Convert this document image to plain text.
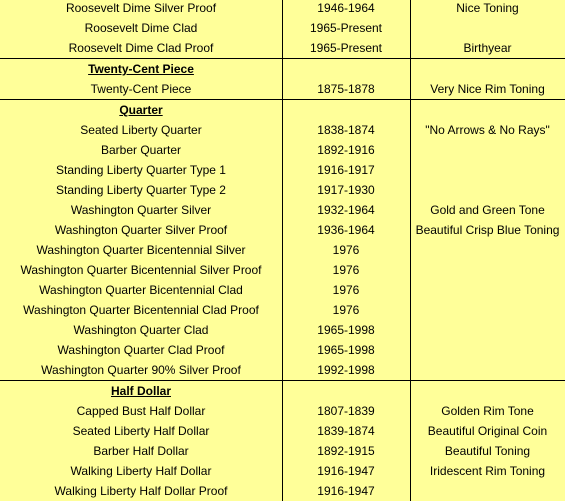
Roosevelt Dime Silver Proof	1946-1964	Nice Toning
Roosevelt Dime Clad	1965-Present	
Roosevelt Dime Clad Proof	1965-Present	Birthyear
Twenty-Cent Piece		
Twenty-Cent Piece	1875-1878	Very Nice Rim Toning
Quarter		
Seated Liberty Quarter	1838-1874	"No Arrows & No Rays"
Barber Quarter	1892-1916	
Standing Liberty Quarter Type 1	1916-1917	
Standing Liberty Quarter Type 2	1917-1930	
Washington Quarter Silver	1932-1964	Gold and Green Tone
Washington Quarter Silver Proof	1936-1964	Beautiful Crisp Blue Toning
Washington Quarter Bicentennial Silver	1976	
Washington Quarter Bicentennial Silver Proof	1976	
Washington Quarter Bicentennial Clad	1976	
Washington Quarter Bicentennial Clad Proof	1976	
Washington Quarter Clad	1965-1998	
Washington Quarter Clad Proof	1965-1998	
Washington Quarter 90% Silver Proof	1992-1998	
Half Dollar		
Capped Bust Half Dollar	1807-1839	Golden Rim Tone
Seated Liberty Half Dollar	1839-1874	Beautiful Original Coin
Barber Half Dollar	1892-1915	Beautiful Toning
Walking Liberty Half Dollar	1916-1947	Iridescent Rim Toning
Walking Liberty Half Dollar Proof	1916-1947	
